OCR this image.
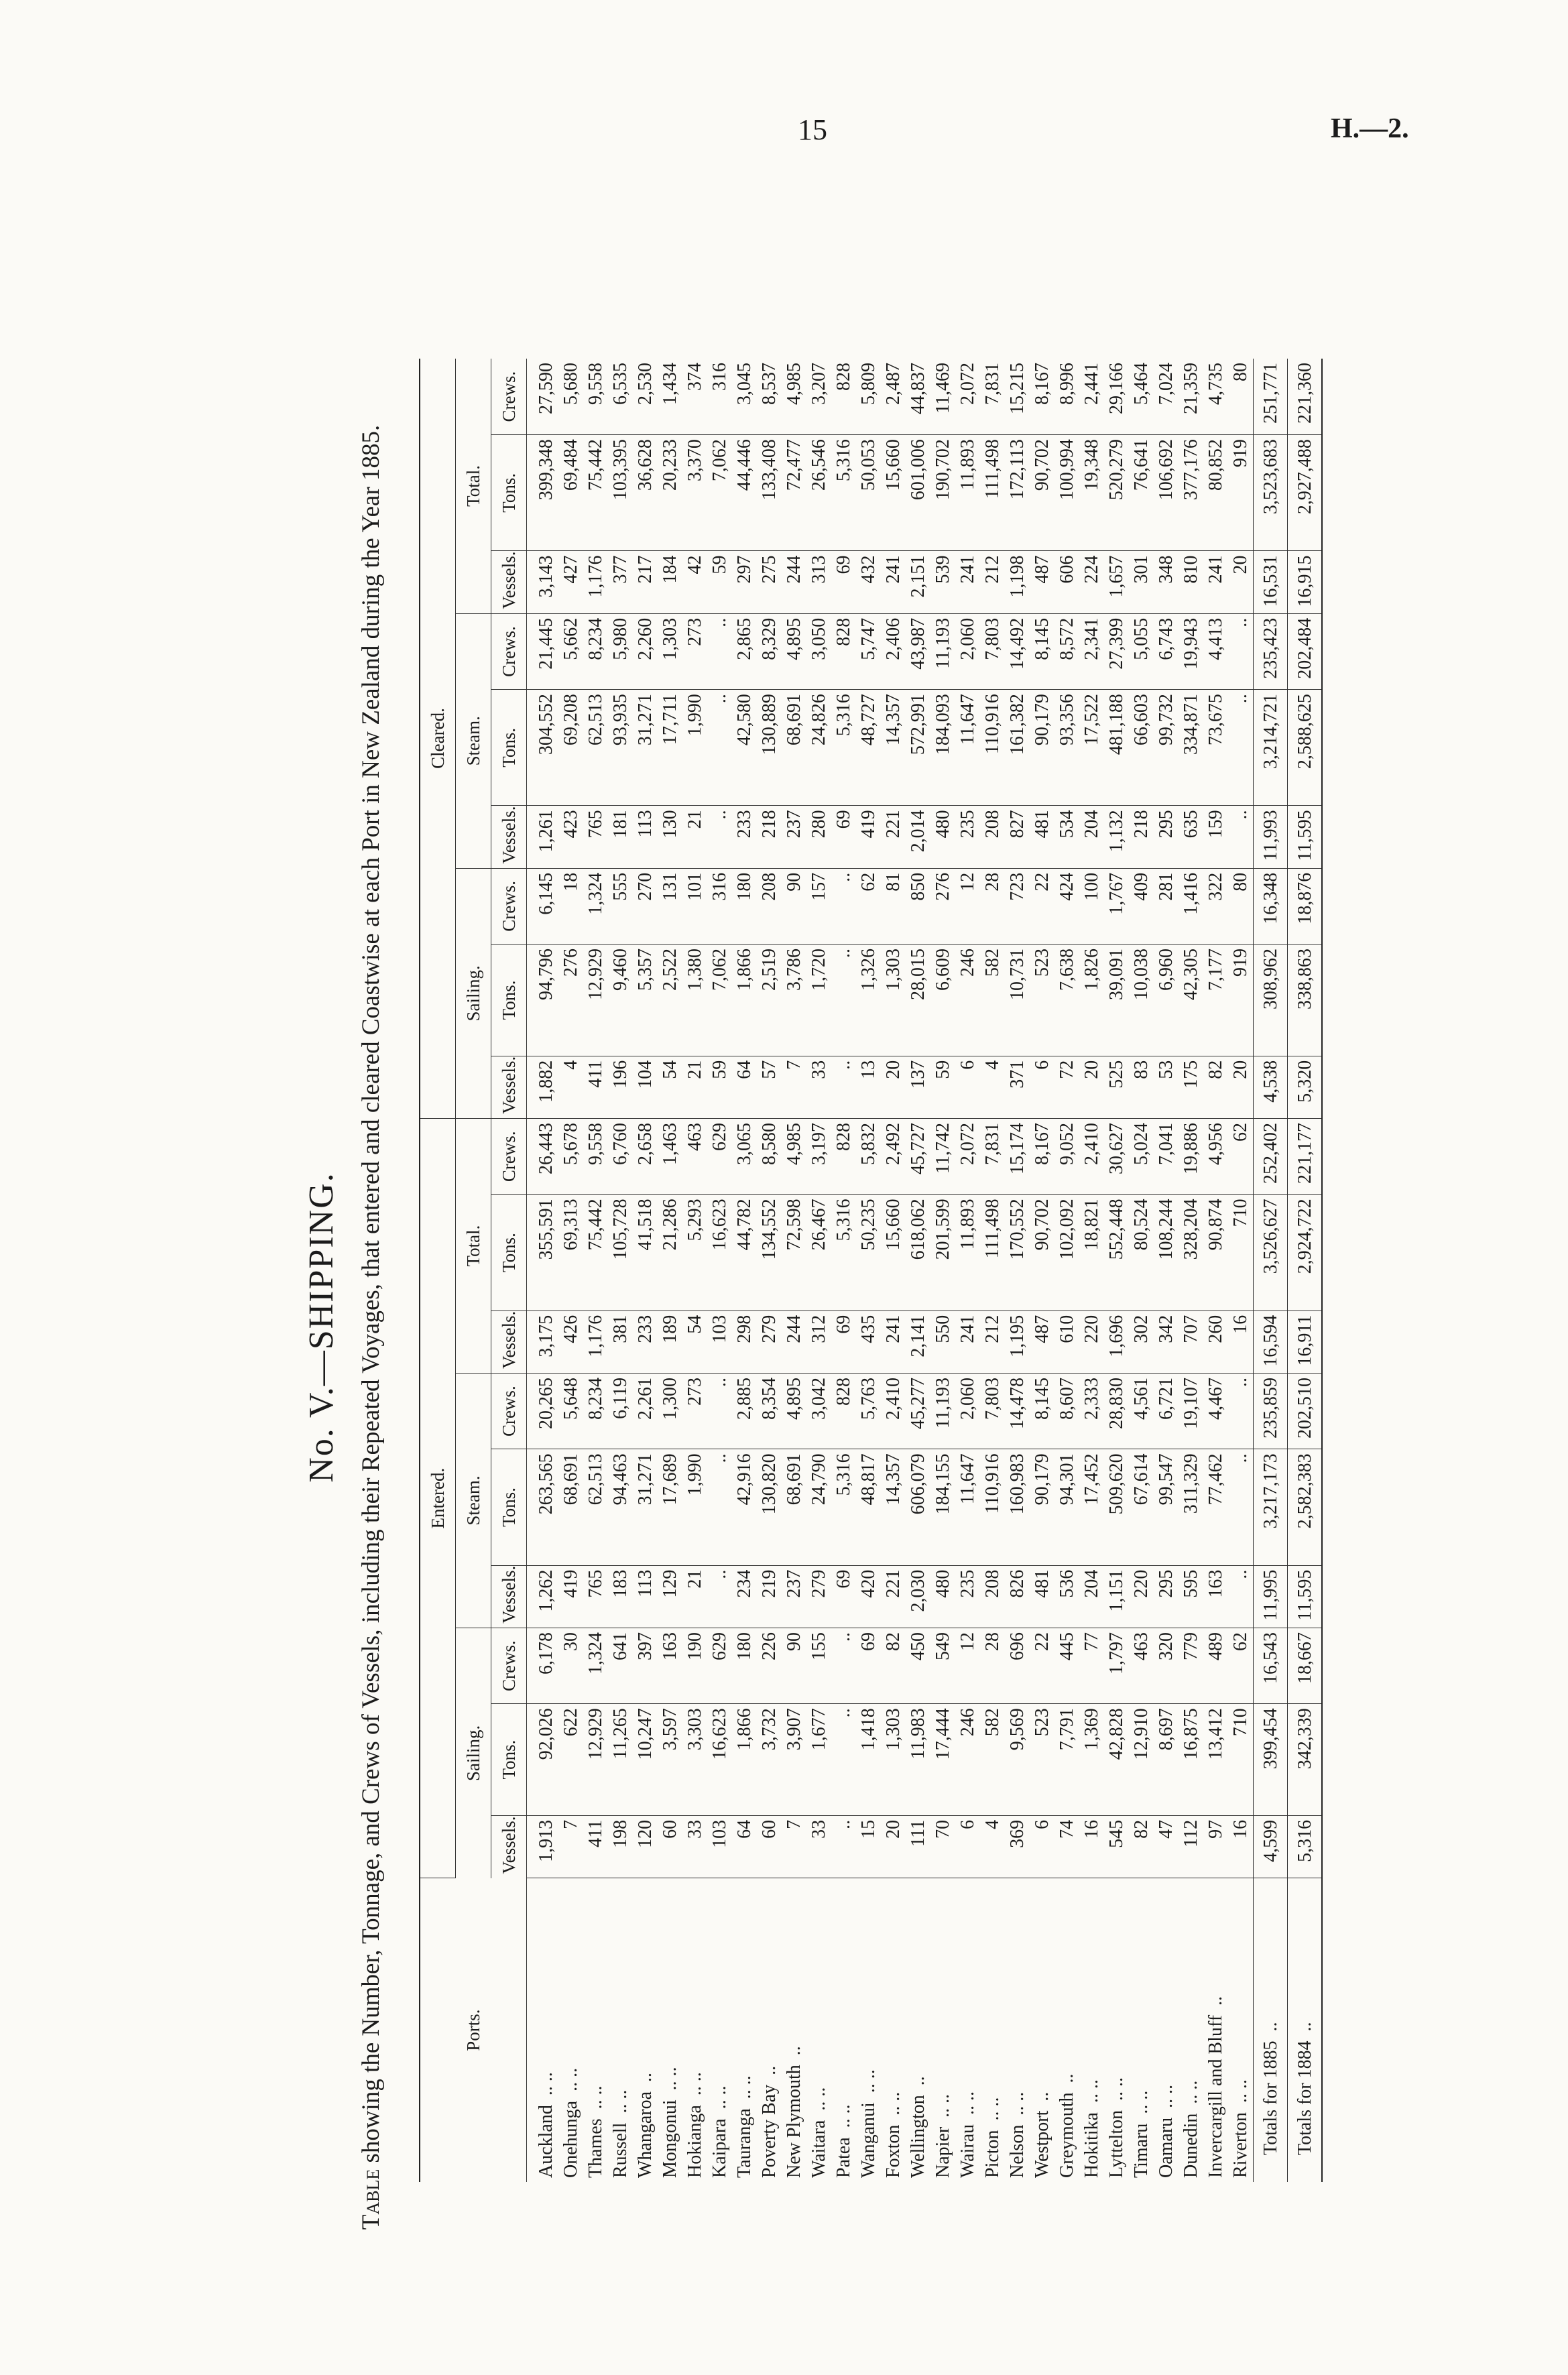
15	H.—2.
No. V.—SHIPPING.
Table showing the Number, Tonnage, and Crews of Vessels, including their Repeated Voyages, that entered and cleared Coastwise at each Port in New Zealand during the Year 1885.	Ports.	Entered.									Cleared.								
	Sailing.			Steam.			Total.			Sailing.			Steam.			Total.		
	Vessels.	Tons.	Crews.	Vessels.	Tons.	Crews.	Vessels.	Tons.	Crews.	Vessels.	Tons.	Crews.	Vessels.	Tons.	Crews.	Vessels.	Tons.	Crews.
Auckland.. ..	1,913	92,026	6,178	1,262	263,565	20,265	3,175	355,591	26,443	1,882	94,796	6,145	1,261	304,552	21,445	3,143	399,348	27,590
Onehunga.. ..	7	622	30	419	68,691	5,648	426	69,313	5,678	4	276	18	423	69,208	5,662	427	69,484	5,680
Thames.. ..	411	12,929	1,324	765	62,513	8,234	1,176	75,442	9,558	411	12,929	1,324	765	62,513	8,234	1,176	75,442	9,558
Russell.. ..	198	11,265	641	183	94,463	6,119	381	105,728	6,760	196	9,460	555	181	93,935	5,980	377	103,395	6,535
Whangaroa..	120	10,247	397	113	31,271	2,261	233	41,518	2,658	104	5,357	270	113	31,271	2,260	217	36,628	2,530
Mongonui.. ..	60	3,597	163	129	17,689	1,300	189	21,286	1,463	54	2,522	131	130	17,711	1,303	184	20,233	1,434
Hokianga.. ..	33	3,303	190	21	1,990	273	54	5,293	463	21	1,380	101	21	1,990	273	42	3,370	374
Kaipara.. ..	103	16,623	629	..	..	..	103	16,623	629	59	7,062	316	..	..	..	59	7,062	316
Tauranga.. ..	64	1,866	180	234	42,916	2,885	298	44,782	3,065	64	1,866	180	233	42,580	2,865	297	44,446	3,045
Poverty Bay..	60	3,732	226	219	130,820	8,354	279	134,552	8,580	57	2,519	208	218	130,889	8,329	275	133,408	8,537
New Plymouth..	7	3,907	90	237	68,691	4,895	244	72,598	4,985	7	3,786	90	237	68,691	4,895	244	72,477	4,985
Waitara.. ..	33	1,677	155	279	24,790	3,042	312	26,467	3,197	33	1,720	157	280	24,826	3,050	313	26,546	3,207
Patea.. ..	..	..	..	69	5,316	828	69	5,316	828	..	..	..	69	5,316	828	69	5,316	828
Wanganui.. ..	15	1,418	69	420	48,817	5,763	435	50,235	5,832	13	1,326	62	419	48,727	5,747	432	50,053	5,809
Foxton.. ..	20	1,303	82	221	14,357	2,410	241	15,660	2,492	20	1,303	81	221	14,357	2,406	241	15,660	2,487
Wellington..	111	11,983	450	2,030	606,079	45,277	2,141	618,062	45,727	137	28,015	850	2,014	572,991	43,987	2,151	601,006	44,837
Napier.. ..	70	17,444	549	480	184,155	11,193	550	201,599	11,742	59	6,609	276	480	184,093	11,193	539	190,702	11,469
Wairau.. ..	6	246	12	235	11,647	2,060	241	11,893	2,072	6	246	12	235	11,647	2,060	241	11,893	2,072
Picton.. ..	4	582	28	208	110,916	7,803	212	111,498	7,831	4	582	28	208	110,916	7,803	212	111,498	7,831
Nelson.. ..	369	9,569	696	826	160,983	14,478	1,195	170,552	15,174	371	10,731	723	827	161,382	14,492	1,198	172,113	15,215
Westport..	6	523	22	481	90,179	8,145	487	90,702	8,167	6	523	22	481	90,179	8,145	487	90,702	8,167
Greymouth..	74	7,791	445	536	94,301	8,607	610	102,092	9,052	72	7,638	424	534	93,356	8,572	606	100,994	8,996
Hokitika.. ..	16	1,369	77	204	17,452	2,333	220	18,821	2,410	20	1,826	100	204	17,522	2,341	224	19,348	2,441
Lyttelton.. ..	545	42,828	1,797	1,151	509,620	28,830	1,696	552,448	30,627	525	39,091	1,767	1,132	481,188	27,399	1,657	520,279	29,166
Timaru.. ..	82	12,910	463	220	67,614	4,561	302	80,524	5,024	83	10,038	409	218	66,603	5,055	301	76,641	5,464
Oamaru.. ..	47	8,697	320	295	99,547	6,721	342	108,244	7,041	53	6,960	281	295	99,732	6,743	348	106,692	7,024
Dunedin.. ..	112	16,875	779	595	311,329	19,107	707	328,204	19,886	175	42,305	1,416	635	334,871	19,943	810	377,176	21,359
Invercargill and Bluff..	97	13,412	489	163	77,462	4,467	260	90,874	4,956	82	7,177	322	159	73,675	4,413	241	80,852	4,735
Riverton.. ..	16	710	62	..	..	..	16	710	62	20	919	80	..	..	..	20	919	80
Totals for 1885..	4,599	399,454	16,543	11,995	3,217,173	235,859	16,594	3,526,627	252,402	4,538	308,962	16,348	11,993	3,214,721	235,423	16,531	3,523,683	251,771
Totals for 1884..	5,316	342,339	18,667	11,595	2,582,383	202,510	16,911	2,924,722	221,177	5,320	338,863	18,876	11,595	2,588,625	202,484	16,915	2,927,488	221,360
